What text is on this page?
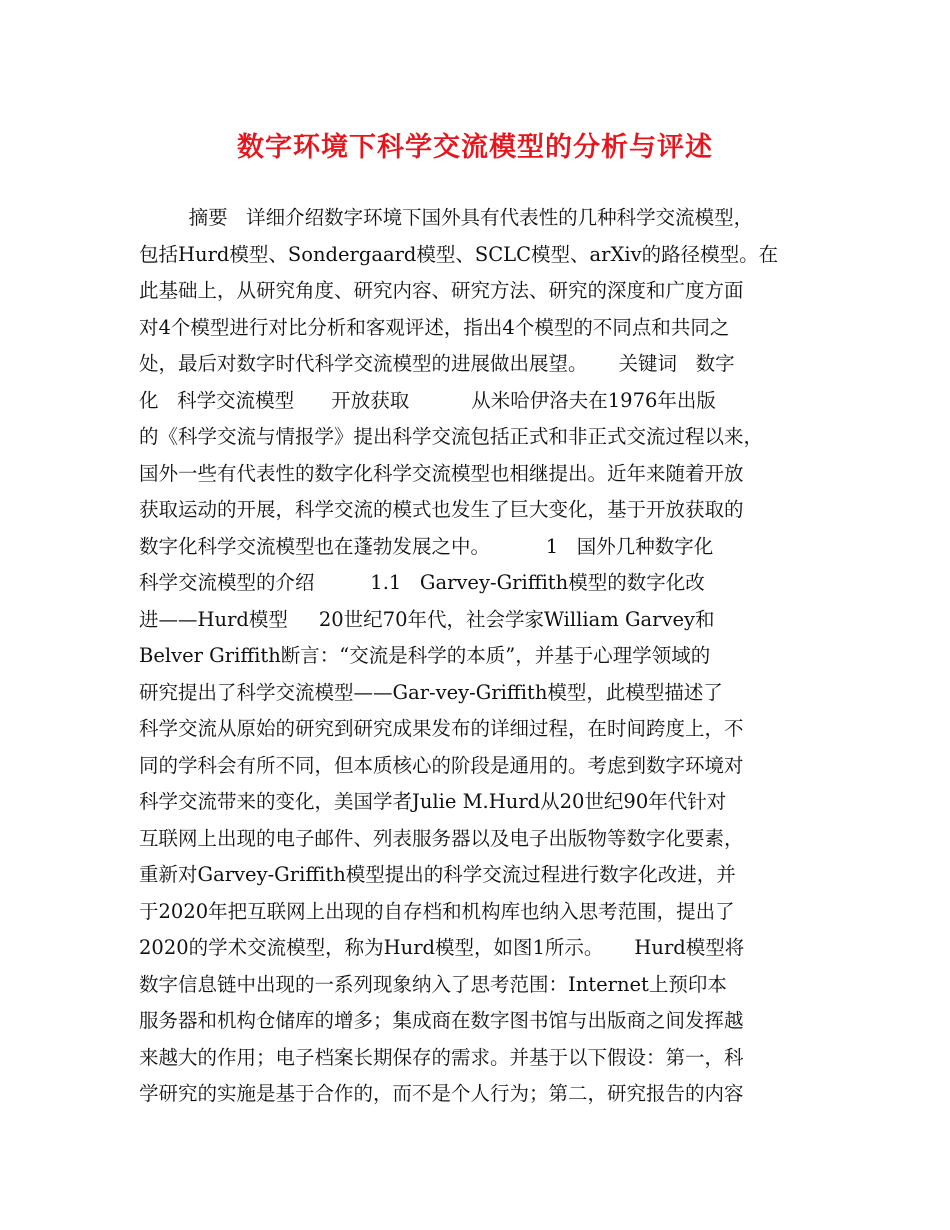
数字环境下科学交流模型的分析与评述
摘要   详细介绍数字环境下国外具有代表性的几种科学交流模型，
包括Hurd模型、Sondergaard模型、SCLC模型、arXiv的路径模型。在
此基础上，从研究角度、研究内容、研究方法、研究的深度和广度方面
对4个模型进行对比分析和客观评述，指出4个模型的不同点和共同之
处，最后对数字时代科学交流模型的进展做出展望。     关键词   数字
化   科学交流模型      开放获取          从米哈伊洛夫在1976年出版
的《科学交流与情报学》提出科学交流包括正式和非正式交流过程以来，
国外一些有代表性的数字化科学交流模型也相继提出。近年来随着开放
获取运动的开展，科学交流的模式也发生了巨大变化，基于开放获取的
数字化科学交流模型也在蓬勃发展之中。         1   国外几种数字化
科学交流模型的介绍         1.1   Garvey-Griffith模型的数字化改
进——Hurd模型     20世纪70年代，社会学家William Garvey和
Belver Griffith断言：“交流是科学的本质”，并基于心理学领域的
研究提出了科学交流模型——Gar-vey-Griffith模型，此模型描述了
科学交流从原始的研究到研究成果发布的详细过程，在时间跨度上，不
同的学科会有所不同，但本质核心的阶段是通用的。考虑到数字环境对
科学交流带来的变化，美国学者Julie M.Hurd从20世纪90年代针对
互联网上出现的电子邮件、列表服务器以及电子出版物等数字化要素，
重新对Garvey-Griffith模型提出的科学交流过程进行数字化改进，并
于2020年把互联网上出现的自存档和机构库也纳入思考范围，提出了
2020的学术交流模型，称为Hurd模型，如图1所示。     Hurd模型将
数字信息链中出现的一系列现象纳入了思考范围：Internet上预印本
服务器和机构仓储库的增多；集成商在数字图书馆与出版商之间发挥越
来越大的作用；电子档案长期保存的需求。并基于以下假设：第一，科
学研究的实施是基于合作的，而不是个人行为；第二，研究报告的内容
